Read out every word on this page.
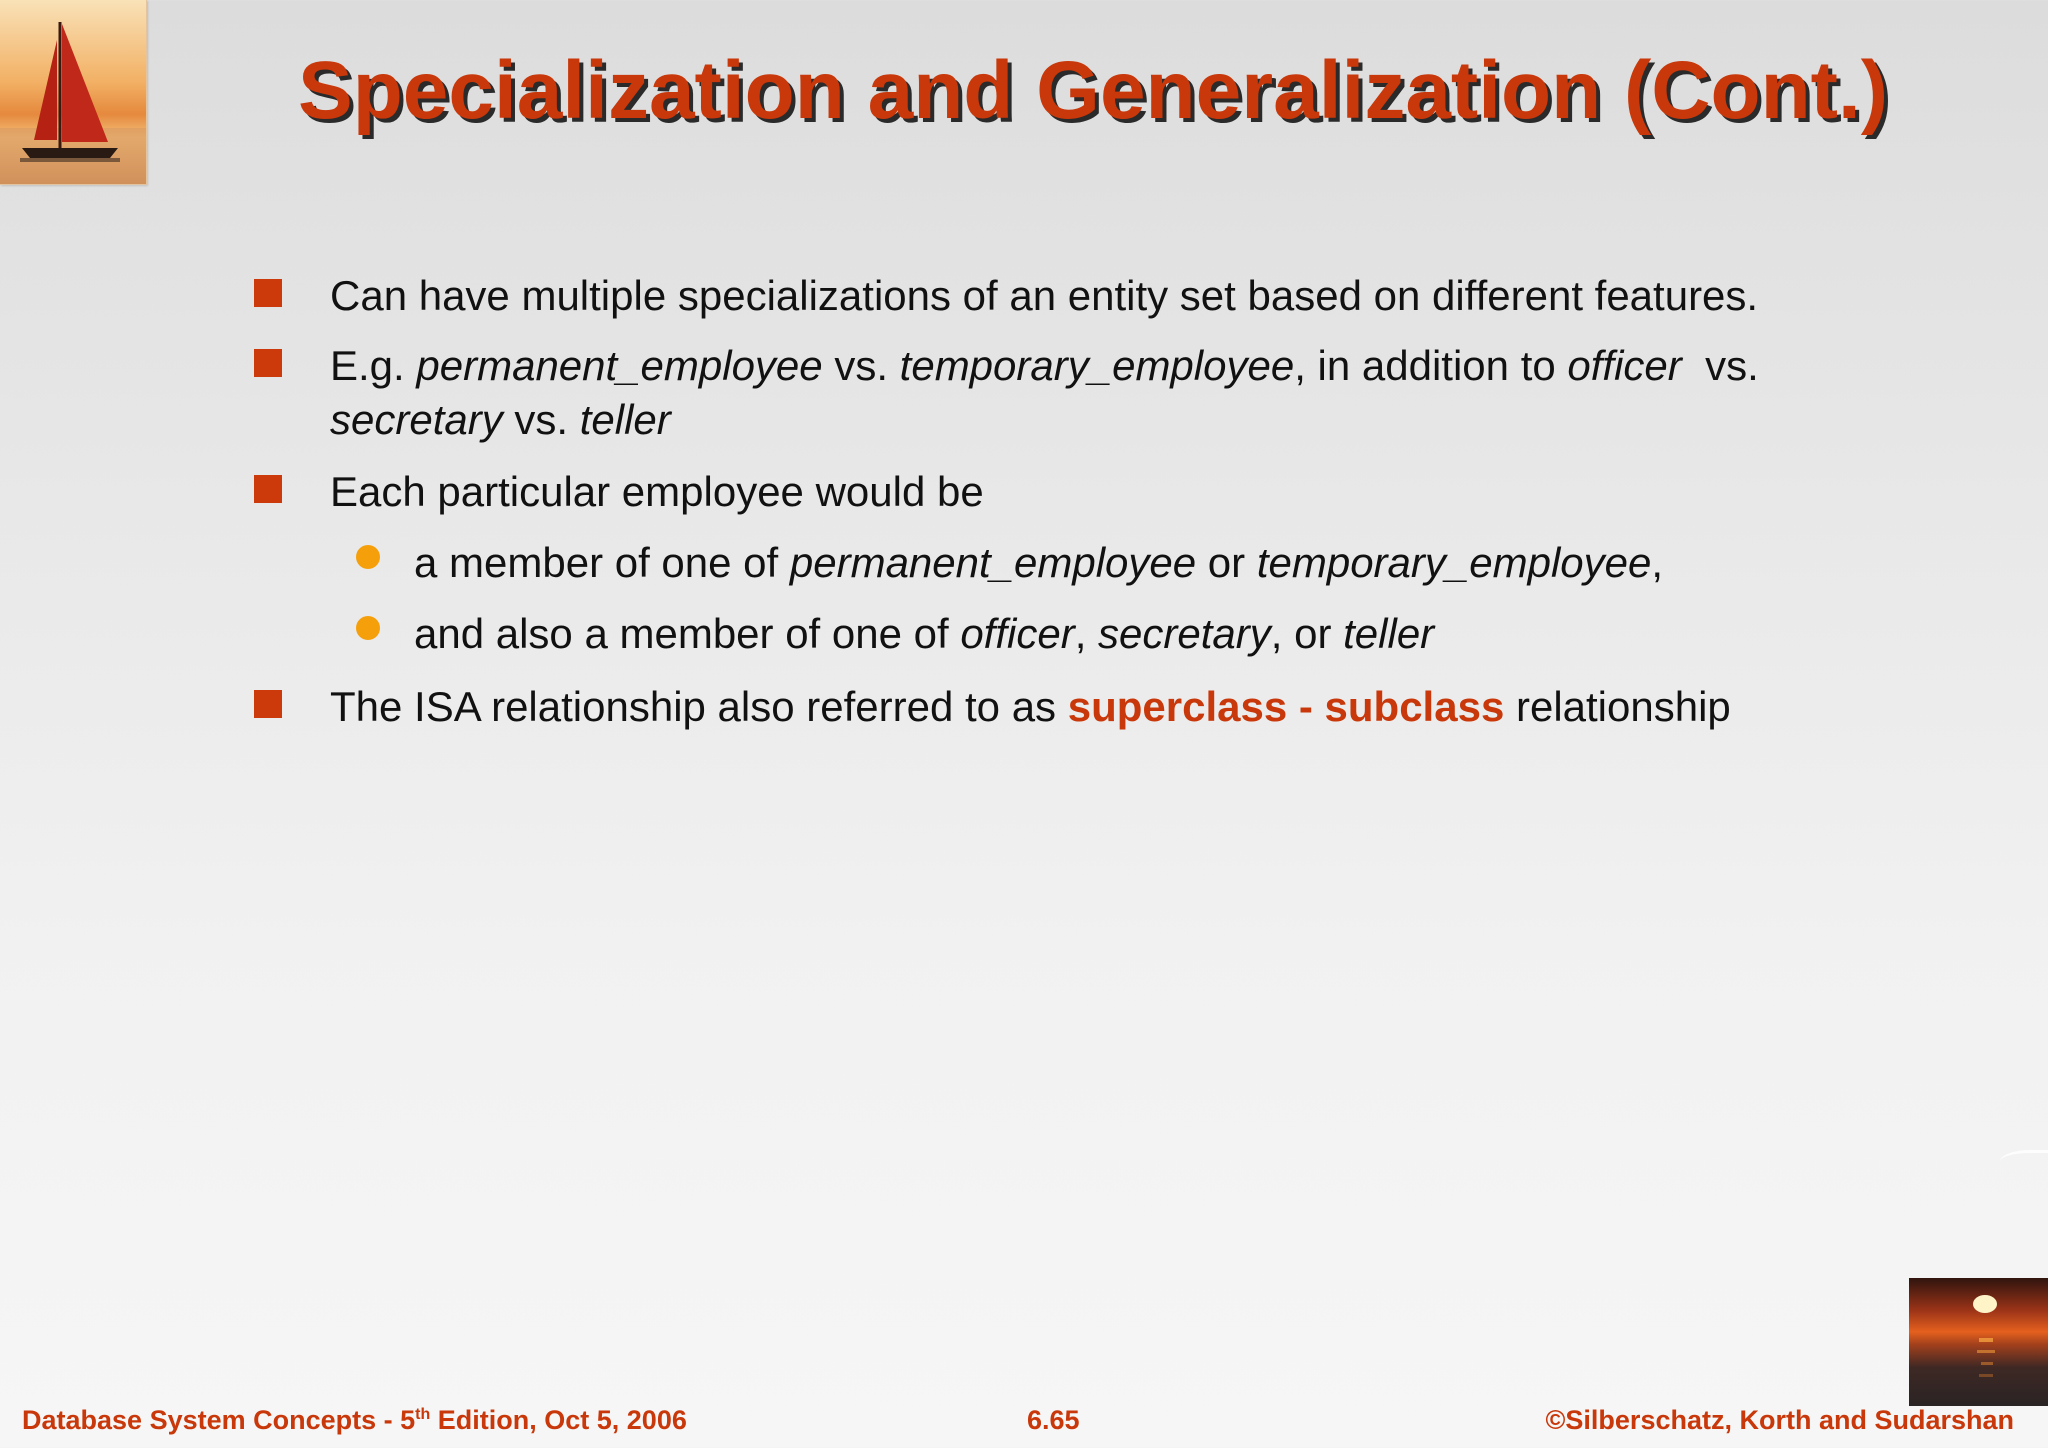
Specialization and Generalization (Cont.)
Can have multiple specializations of an entity set based on different features.
E.g. permanent_employee vs. temporary_employee, in addition to officer  vs.
secretary vs. teller
Each particular employee would be
a member of one of permanent_employee or temporary_employee,
and also a member of one of officer, secretary, or teller
The ISA relationship also referred to as superclass - subclass relationship
Database System Concepts - 5th Edition, Oct 5, 2006	6.65	©Silberschatz, Korth and Sudarshan
